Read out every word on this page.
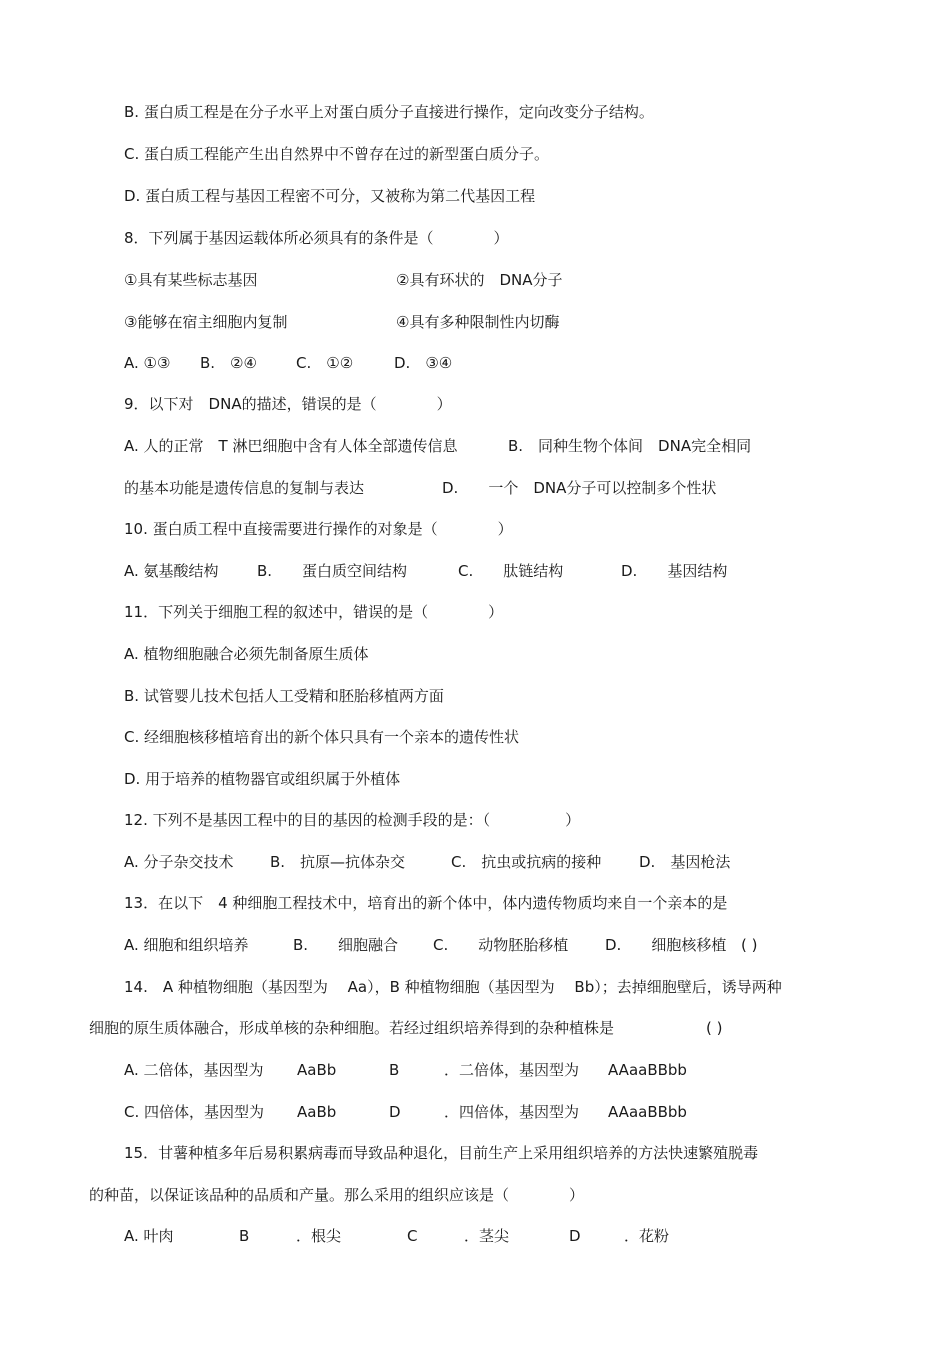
B. 蛋白质工程是在分子水平上对蛋白质分子直接进行操作，定向改变分子结构。
C. 蛋白质工程能产生出自然界中不曾存在过的新型蛋白质分子。
D. 蛋白质工程与基因工程密不可分，又被称为第二代基因工程
8．下列属于基因运载体所必须具有的条件是（　　　　）
①具有某些标志基因	②具有环状的　DNA分子
③能够在宿主细胞内复制	④具有多种限制性内切酶
A. ①③ B.　②④	C.　①②	D.　③④
9．以下对　DNA的描述，错误的是（　　　　）
A. 人的正常　T 淋巴细胞中含有人体全部遗传信息	B.　同种生物个体间　DNA完全相同
的基本功能是遗传信息的复制与表达	D.　　一个　DNA分子可以控制多个性状
10. 蛋白质工程中直接需要进行操作的对象是（　　　　）
A. 氨基酸结构	B.　　蛋白质空间结构	C.　　肽链结构	D.　　基因结构
11．下列关于细胞工程的叙述中，错误的是（　　　　）
A. 植物细胞融合必须先制备原生质体
B. 试管婴儿技术包括人工受精和胚胎移植两方面
C. 经细胞核移植培育出的新个体只具有一个亲本的遗传性状
D. 用于培养的植物器官或组织属于外植体
12. 下列不是基因工程中的目的基因的检测手段的是：（　　　　　）
A. 分子杂交技术 B.　抗原—抗体杂交	C.　抗虫或抗病的接种	D.　基因枪法
13．在以下　4 种细胞工程技术中，培育出的新个体中，体内遗传物质均来自一个亲本的是
A. 细胞和组织培养	B.　　细胞融合 C.　　动物胚胎移植 D.　　细胞核移植 ( )
14.　A 种植物细胞（基因型为　 Aa），B 种植物细胞（基因型为　 Bb）；去掉细胞壁后，诱导两种
细胞的原生质体融合，形成单核的杂种细胞。若经过组织培养得到的杂种植株是	( )
A. 二倍体，基因型为 AaBb	B	．二倍体，基因型为 AAaaBBbb
C. 四倍体，基因型为 AaBb	D	．四倍体，基因型为 AAaaBBbb
15．甘薯种植多年后易积累病毒而导致品种退化，目前生产上采用组织培养的方法快速繁殖脱毒
的种苗，以保证该品种的品质和产量。那么采用的组织应该是（　　　　）
A. 叶肉	B	．根尖	C	．茎尖	D	．花粉
